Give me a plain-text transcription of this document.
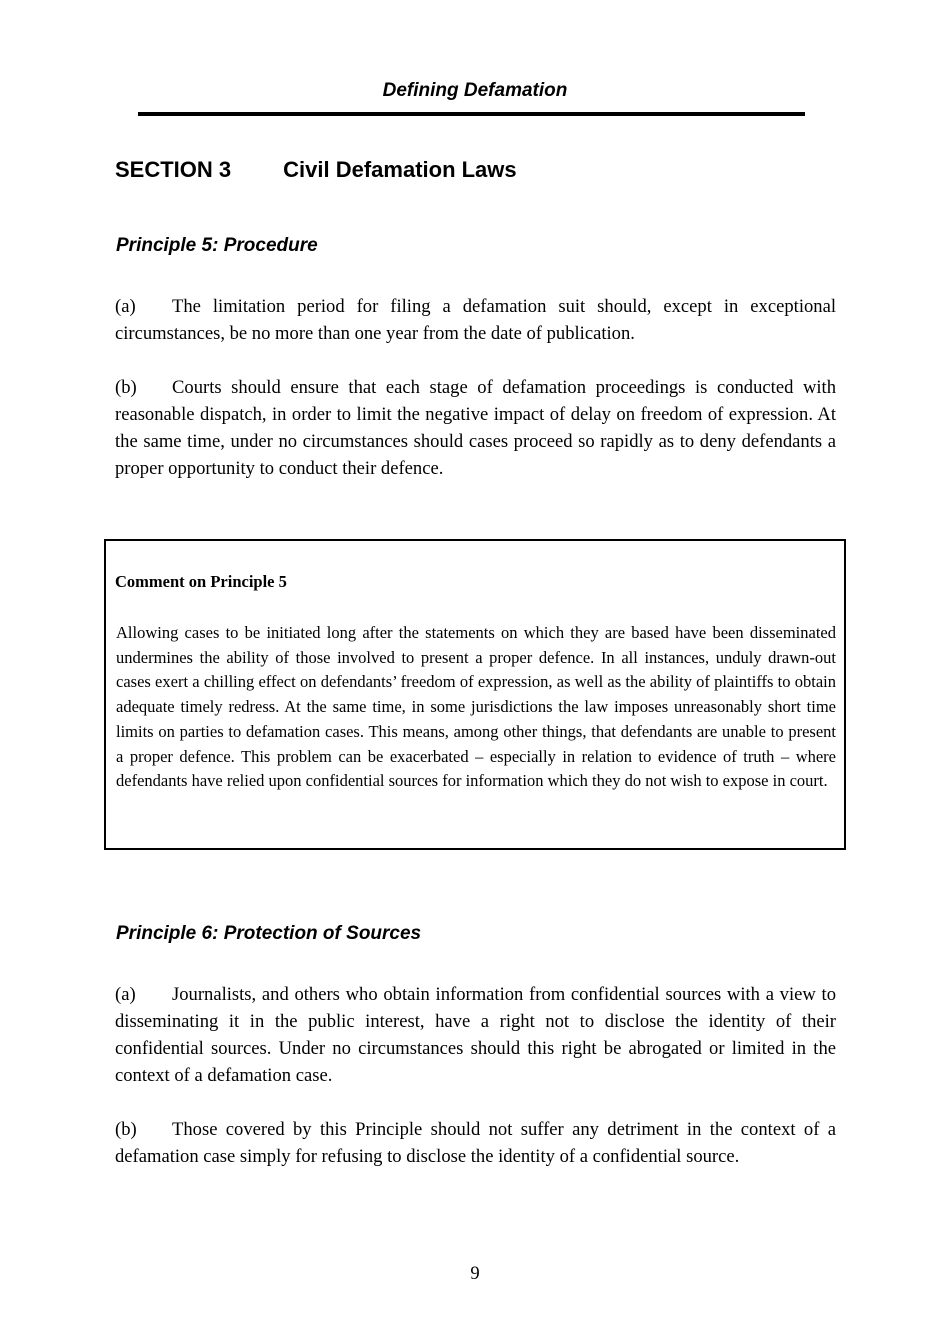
Defining Defamation
SECTION 3 Civil Defamation Laws
Principle 5: Procedure

(a) The limitation period for filing a defamation suit should, except in exceptional circumstances, be no more than one year from the date of publication.

(b) Courts should ensure that each stage of defamation proceedings is conducted with reasonable dispatch, in order to limit the negative impact of delay on freedom of expression. At the same time, under no circumstances should cases proceed so rapidly as to deny defendants a proper opportunity to conduct their defence.

Comment on Principle 5

Allowing cases to be initiated long after the statements on which they are based have been disseminated undermines the ability of those involved to present a proper defence. In all instances, unduly drawn-out cases exert a chilling effect on defendants’ freedom of expression, as well as the ability of plaintiffs to obtain adequate timely redress. At the same time, in some jurisdictions the law imposes unreasonably short time limits on parties to defamation cases. This means, among other things, that defendants are unable to present a proper defence. This problem can be exacerbated – especially in relation to evidence of truth – where defendants have relied upon confidential sources for information which they do not wish to expose in court.

Principle 6: Protection of Sources

(a) Journalists, and others who obtain information from confidential sources with a view to disseminating it in the public interest, have a right not to disclose the identity of their confidential sources. Under no circumstances should this right be abrogated or limited in the context of a defamation case.

(b) Those covered by this Principle should not suffer any detriment in the context of a defamation case simply for refusing to disclose the identity of a confidential source.

9
